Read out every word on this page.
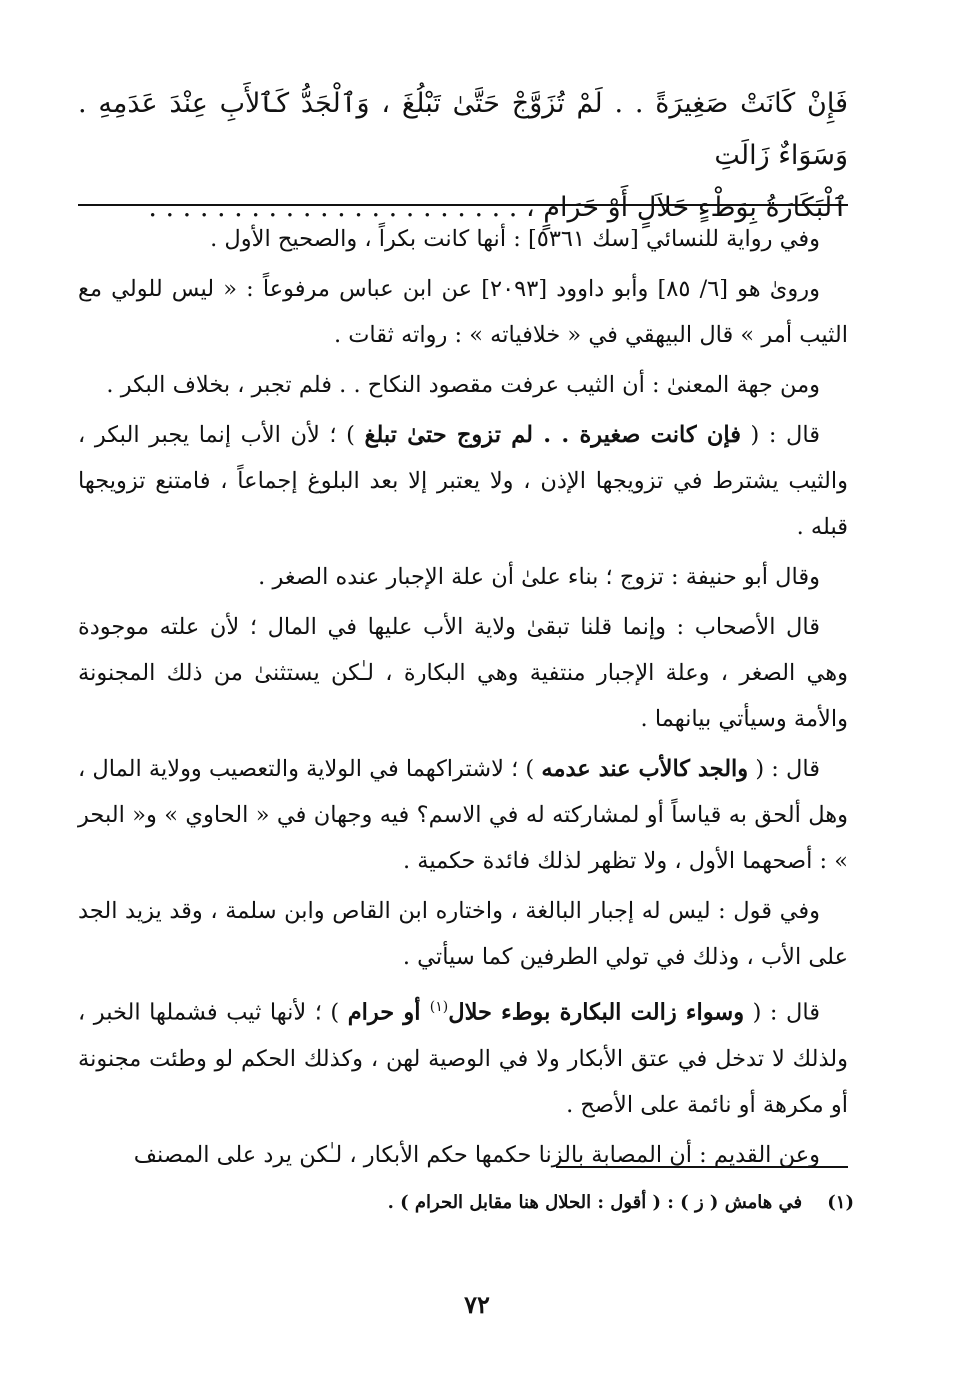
فَإِنْ كَانَتْ صَغِيرَةً . . لَمْ تُزَوَّجْ حَتَّىٰ تَبْلُغَ ، وَٱلْجَدُّ كَٱلأَبِ عِنْدَ عَدَمِهِ . وَسَوَاءٌ زَالَتِ

ٱلْبَكَارَةُ بِوَطْءٍ حَلاَلٍ أَوْ حَرَامٍ ، . . . . . . . . . . . . . . . . . . . . . .

وفي رواية للنسائي [سك ٥٣٦١] : أنها كانت بكراً ، والصحيح الأول .

وروىٰ هو [٦/ ٨٥] وأبو داوود [٢٠٩٣] عن ابن عباس مرفوعاً : « ليس للولي مع الثيب أمر » قال البيهقي في « خلافياته » : رواته ثقات .

ومن جهة المعنىٰ : أن الثيب عرفت مقصود النكاح . . فلم تجبر ، بخلاف البكر .

قال : ( فإن كانت صغيرة . . لم تزوج حتىٰ تبلغ ) ؛ لأن الأب إنما يجبر البكر ، والثيب يشترط في تزويجها الإذن ، ولا يعتبر إلا بعد البلوغ إجماعاً ، فامتنع تزويجها قبله .

وقال أبو حنيفة : تزوج ؛ بناء علىٰ أن علة الإجبار عنده الصغر .

قال الأصحاب : وإنما قلنا تبقىٰ ولاية الأب عليها في المال ؛ لأن علته موجودة وهي الصغر ، وعلة الإجبار منتفية وهي البكارة ، لـٰكن يستثنىٰ من ذلك المجنونة والأمة وسيأتي بيانهما .

قال : ( والجد كالأب عند عدمه ) ؛ لاشتراكهما في الولاية والتعصيب وولاية المال ، وهل ألحق به قياساً أو لمشاركته له في الاسم؟ فيه وجهان في « الحاوي » و« البحر » : أصحهما الأول ، ولا تظهر لذلك فائدة حكمية .

وفي قول : ليس له إجبار البالغة ، واختاره ابن القاص وابن سلمة ، وقد يزيد الجد على الأب ، وذلك في تولي الطرفين كما سيأتي .

قال : ( وسواء زالت البكارة بوطء حلال$^{(١)}$ أو حرام ) ؛ لأنها ثيب فشملها الخبر ، ولذلك لا تدخل في عتق الأبكار ولا في الوصية لهن ، وكذلك الحكم لو وطئت مجنونة أو مكرهة أو نائمة على الأصح .

وعن القديم : أن المصابة بالزنا حكمها حكم الأبكار ، لـٰكن يرد على المصنف

(١)    في هامش ( ز ) : ( أقول : الحلال هنا مقابل الحرام ) .
٧٢
